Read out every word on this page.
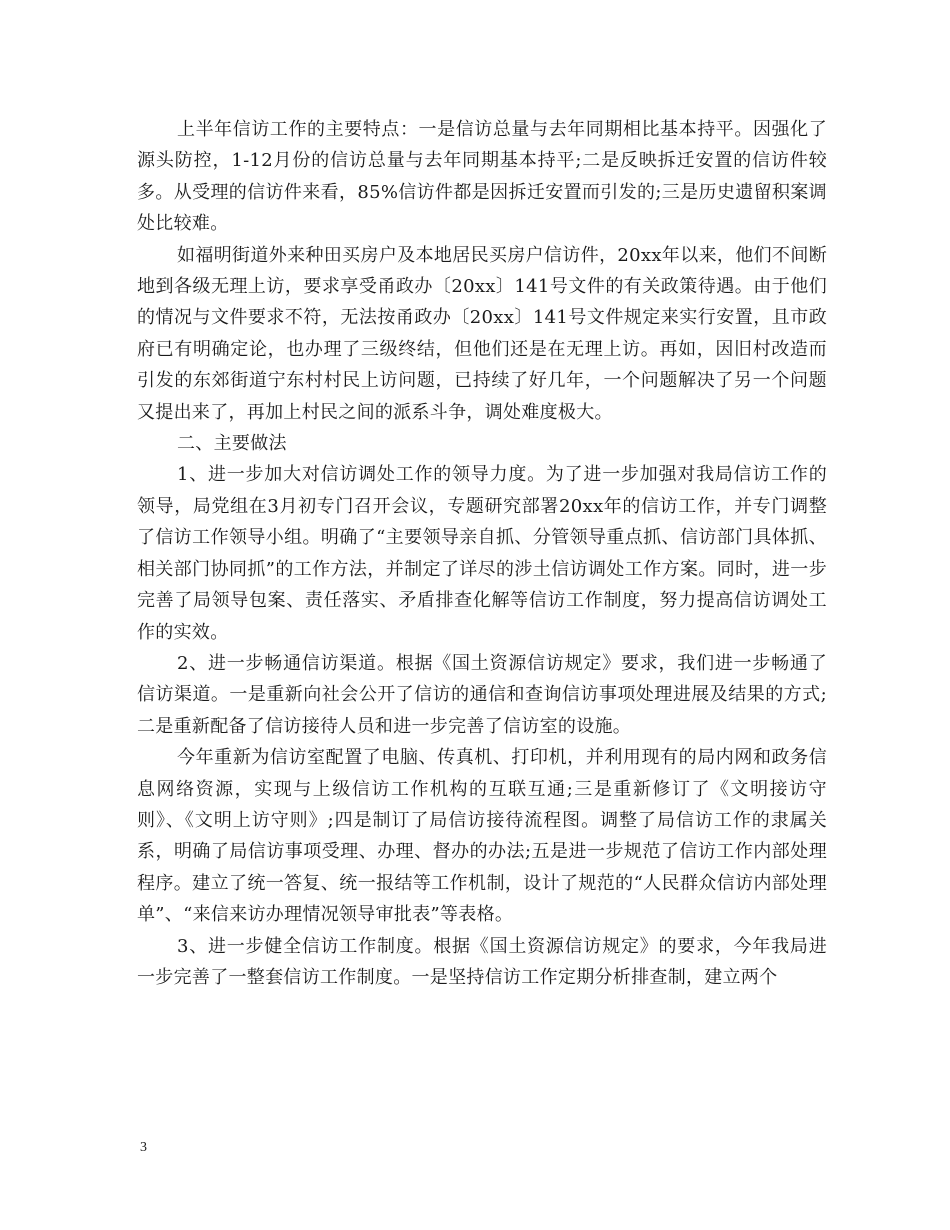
上半年信访工作的主要特点：一是信访总量与去年同期相比基本持平。因强化了源头防控，1-12月份的信访总量与去年同期基本持平;二是反映拆迁安置的信访件较多。从受理的信访件来看，85%信访件都是因拆迁安置而引发的;三是历史遗留积案调处比较难。

如福明街道外来种田买房户及本地居民买房户信访件，20xx年以来，他们不间断地到各级无理上访，要求享受甬政办〔20xx〕141号文件的有关政策待遇。由于他们的情况与文件要求不符，无法按甬政办〔20xx〕141号文件规定来实行安置，且市政府已有明确定论，也办理了三级终结，但他们还是在无理上访。再如，因旧村改造而引发的东郊街道宁东村村民上访问题，已持续了好几年，一个问题解决了另一个问题又提出来了，再加上村民之间的派系斗争，调处难度极大。

二、主要做法

1、进一步加大对信访调处工作的领导力度。为了进一步加强对我局信访工作的领导，局党组在3月初专门召开会议，专题研究部署20xx年的信访工作，并专门调整了信访工作领导小组。明确了“主要领导亲自抓、分管领导重点抓、信访部门具体抓、相关部门协同抓”的工作方法，并制定了详尽的涉土信访调处工作方案。同时，进一步完善了局领导包案、责任落实、矛盾排查化解等信访工作制度，努力提高信访调处工作的实效。

2、进一步畅通信访渠道。根据《国土资源信访规定》要求，我们进一步畅通了信访渠道。一是重新向社会公开了信访的通信和查询信访事项处理进展及结果的方式;二是重新配备了信访接待人员和进一步完善了信访室的设施。

今年重新为信访室配置了电脑、传真机、打印机，并利用现有的局内网和政务信息网络资源，实现与上级信访工作机构的互联互通;三是重新修订了《文明接访守则》、《文明上访守则》;四是制订了局信访接待流程图。调整了局信访工作的隶属关系，明确了局信访事项受理、办理、督办的办法;五是进一步规范了信访工作内部处理程序。建立了统一答复、统一报结等工作机制，设计了规范的“人民群众信访内部处理单”、“来信来访办理情况领导审批表”等表格。

3、进一步健全信访工作制度。根据《国土资源信访规定》的要求，今年我局进一步完善了一整套信访工作制度。一是坚持信访工作定期分析排查制，建立两个

3
